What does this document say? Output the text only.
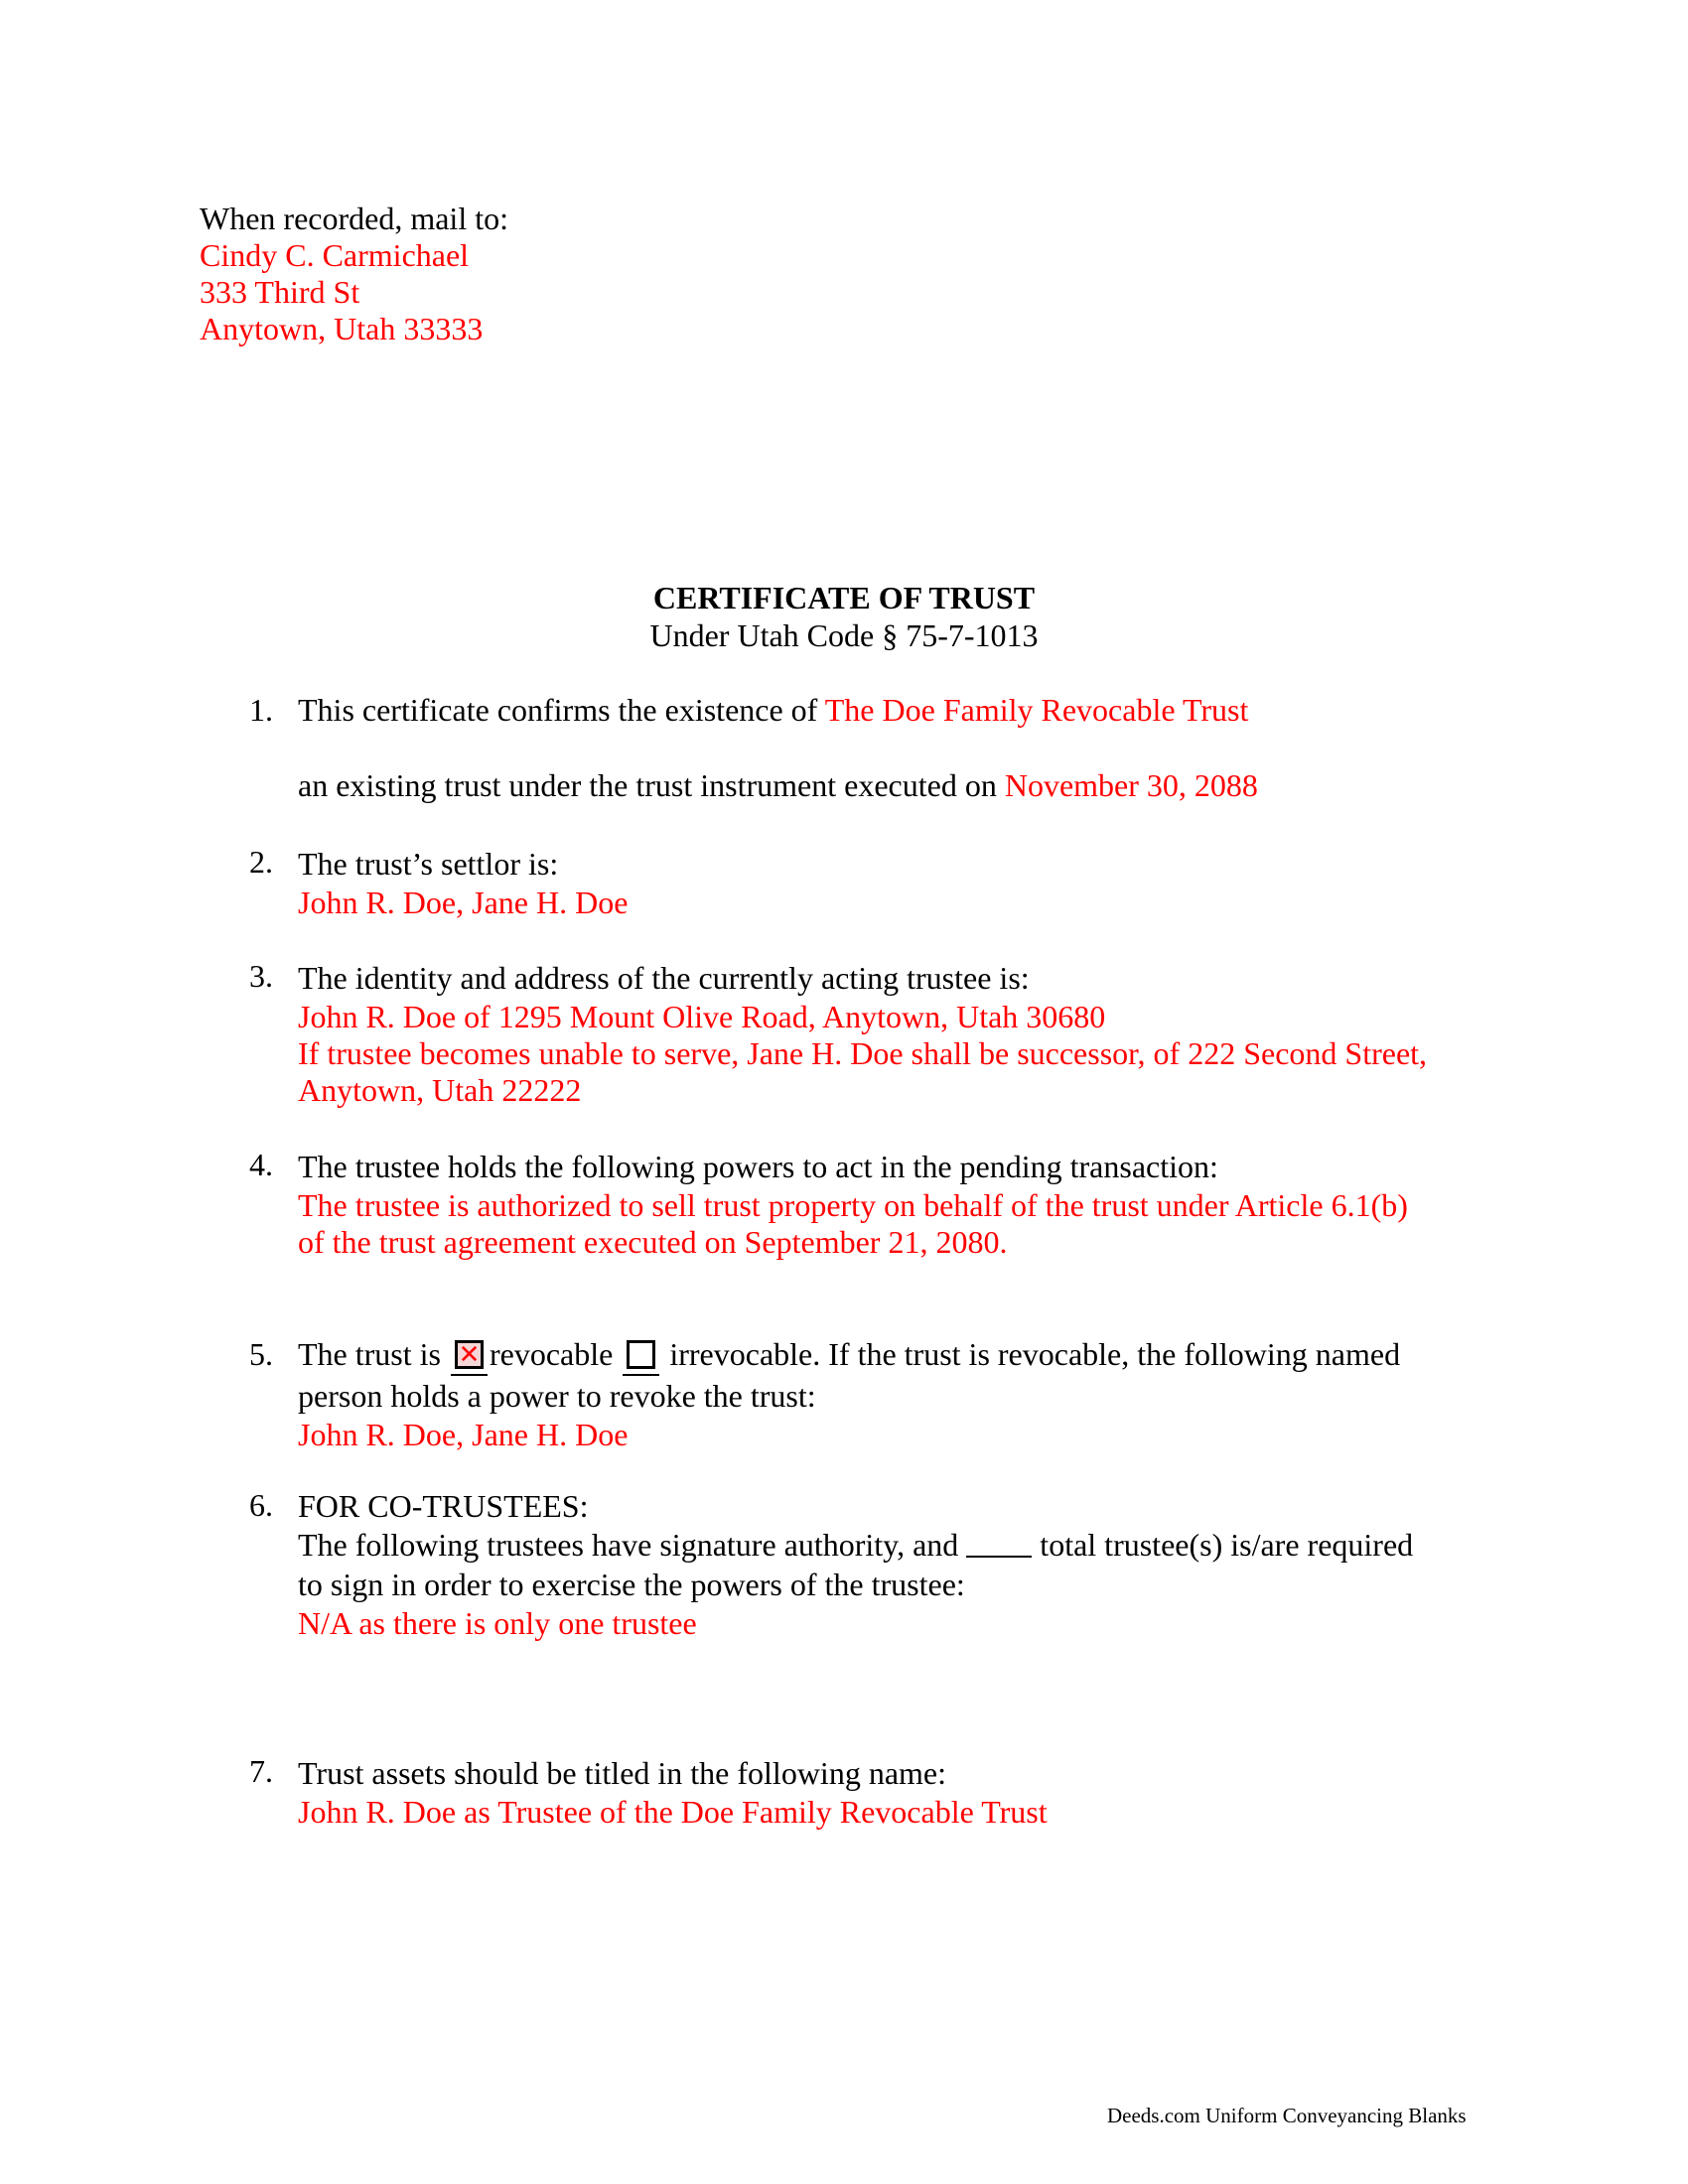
When recorded, mail to:
Cindy C. Carmichael
333 Third St
Anytown, Utah 33333
CERTIFICATE OF TRUST
Under Utah Code § 75-7-1013
1. This certificate confirms the existence of The Doe Family Revocable Trust
an existing trust under the trust instrument executed on November 30, 2088
2. The trust’s settlor is:
John R. Doe, Jane H. Doe
3. The identity and address of the currently acting trustee is:
John R. Doe of 1295 Mount Olive Road, Anytown, Utah 30680
If trustee becomes unable to serve, Jane H. Doe shall be successor, of 222 Second Street,
Anytown, Utah 22222
4. The trustee holds the following powers to act in the pending transaction:
The trustee is authorized to sell trust property on behalf of the trust under Article 6.1(b)
of the trust agreement executed on September 21, 2080.
5. The trust is ✕ revocable irrevocable. If the trust is revocable, the following named
person holds a power to revoke the trust:
John R. Doe, Jane H. Doe
6. FOR CO-TRUSTEES:
The following trustees have signature authority, and	total trustee(s) is/are required
to sign in order to exercise the powers of the trustee:
N/A as there is only one trustee
7. Trust assets should be titled in the following name:
John R. Doe as Trustee of the Doe Family Revocable Trust
Deeds.com Uniform Conveyancing Blanks
